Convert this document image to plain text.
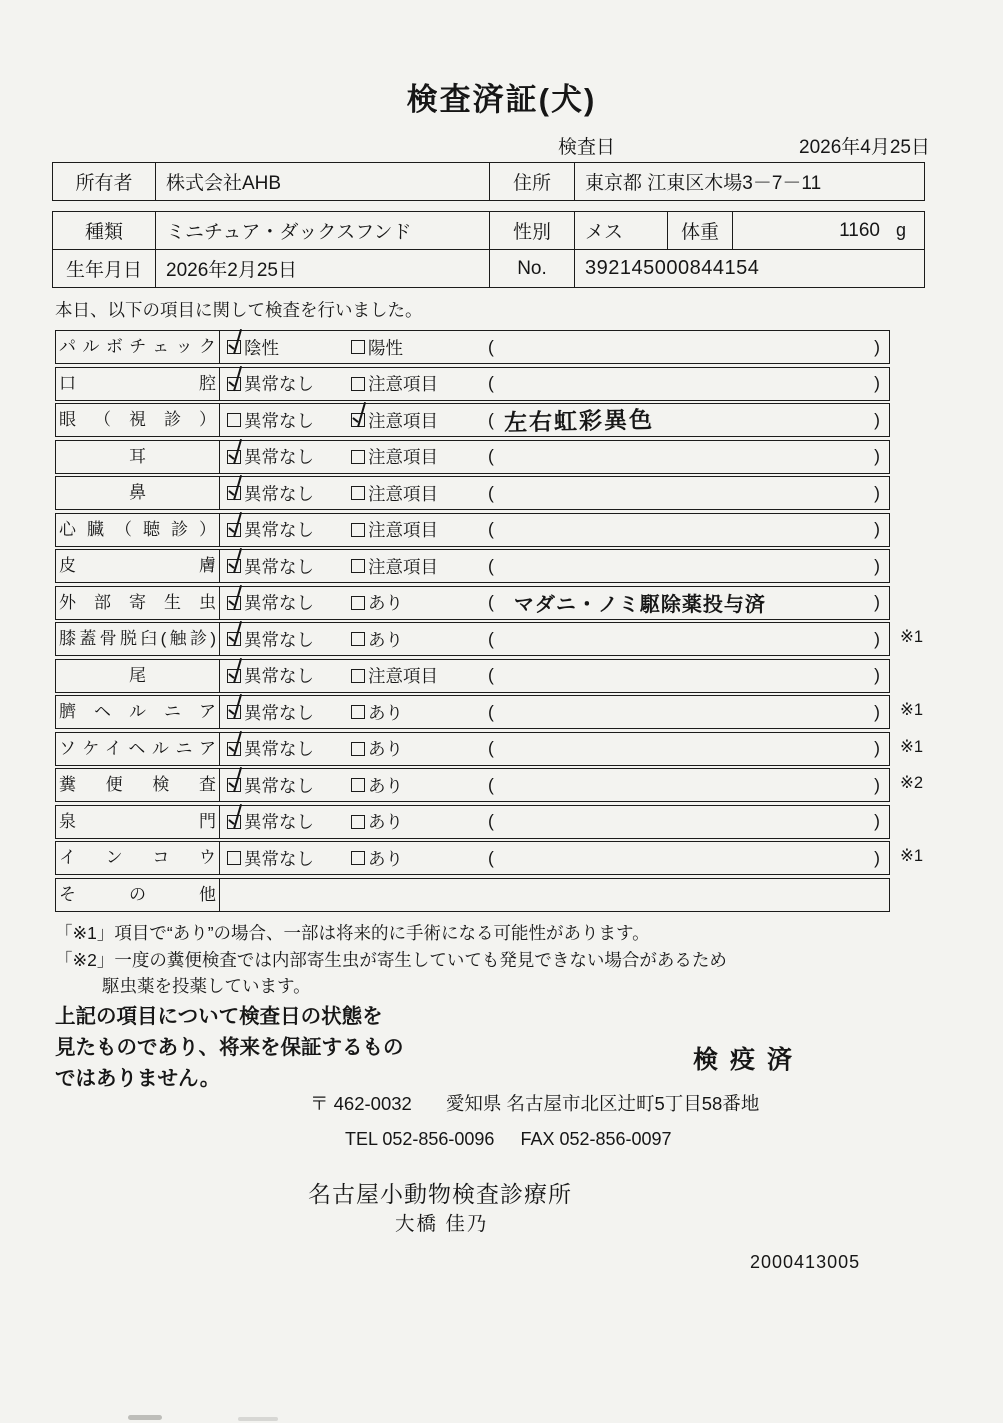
検査済証(犬)
検査日	2026年4月25日
所有者	株式会社AHB	住所	東京都 江東区木場3－7－11
種類	ミニチュア・ダックスフンド	性別	メス	体重	1160 g
生年月日	2026年2月25日	No.	392145000844154
本日、以下の項目に関して検査を行いました。
パルボチェック 陰性	陽性	(	)
口腔 異常なし	注意項目	(	)
眼（視診） 異常なし	注意項目	( 左右虹彩異色	)
耳	異常なし	注意項目	(	)
鼻	異常なし	注意項目	(	)
心臓（聴診） 異常なし	注意項目	(	)
皮膚 異常なし	注意項目	(	)
外部寄生虫 異常なし	あり	(	マダニ・ノミ駆除薬投与済	)
膝蓋骨脱臼(触診) 異常なし	あり	(	) ※1
尾	異常なし	注意項目	(	)
臍ヘルニア 異常なし	あり	(	) ※1
ソケイヘルニア 異常なし	あり	(	) ※1
糞便検査 異常なし	あり	(	) ※2
泉門 異常なし	あり	(	)
インコウ 異常なし	あり	(	) ※1
その他
「※1」項目で“あり”の場合、一部は将来的に手術になる可能性があります。
「※2」一度の糞便検査では内部寄生虫が寄生していても発見できない場合があるため
駆虫薬を投薬しています。
上記の項目について検査日の状態を
見たものであり、将来を保証するもの
ではありません。
検疫済
〒 462-0032 愛知県 名古屋市北区辻町5丁目58番地
TEL 052-856-0096 FAX 052-856-0097
名古屋小動物検査診療所
大橋 佳乃
2000413005
